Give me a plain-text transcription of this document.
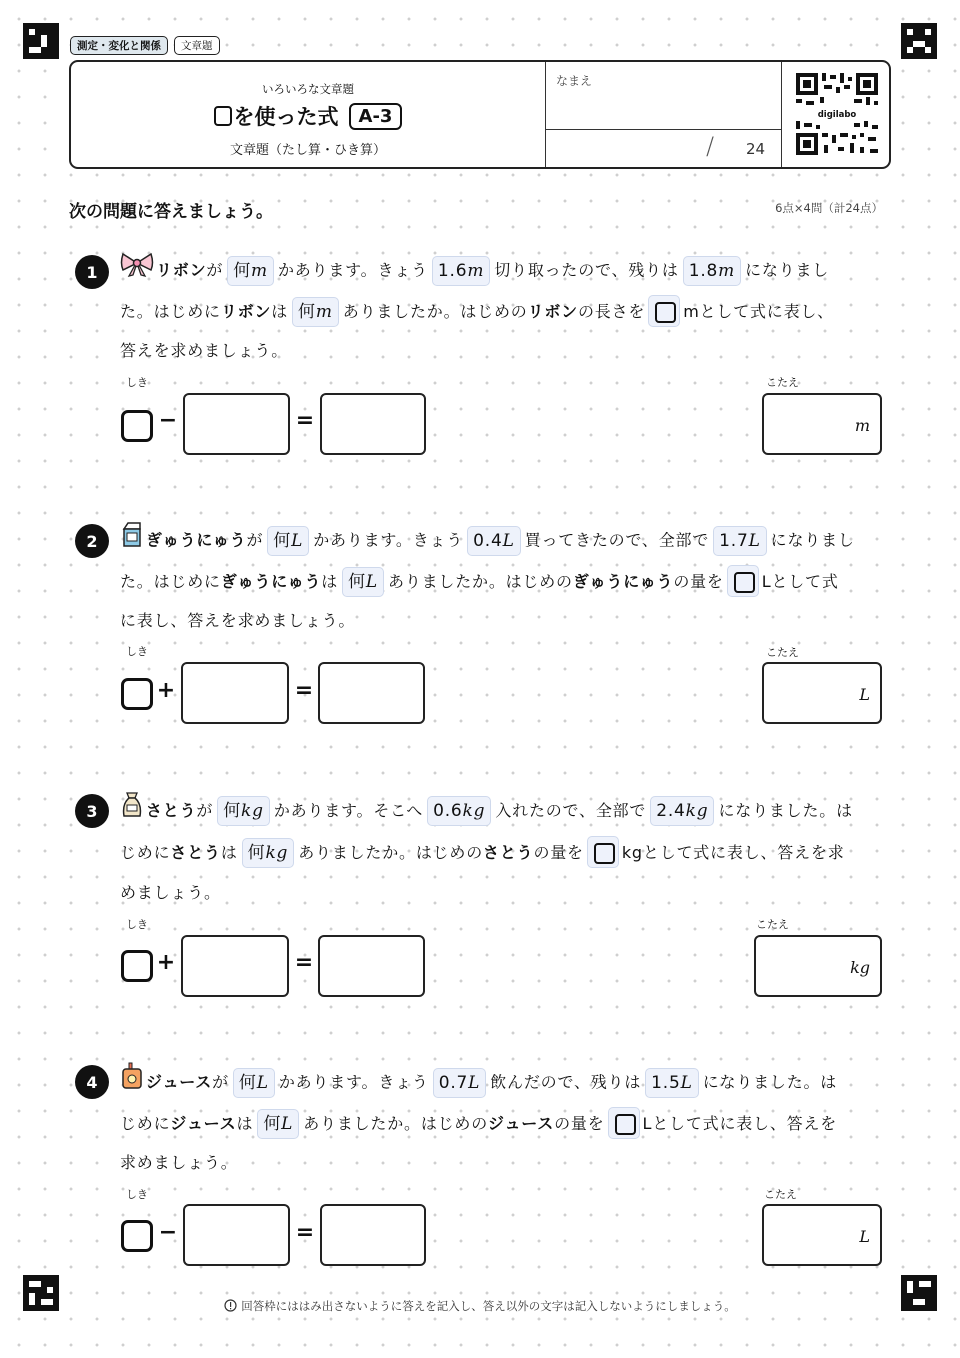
測定・変化と関係	文章題
いろいろな文章題
を使った式	A-3
文章題（たし算・ひき算）
なまえ
/ 24
digilabo
次の問題に答えましょう。	6点×4問（計24点）
1	リボンが 何m かあります。きょう 1.6m 切り取ったので、残りは 1.8m になりまし
た。はじめにリボンは 何m ありましたか。はじめのリボンの長さを mとして式に表し、
答えを求めましょう。
しき	こたえ
−	=	m
2	ぎゅうにゅうが 何L かあります。きょう 0.4L 買ってきたので、全部で 1.7L になりまし
た。はじめにぎゅうにゅうは 何L ありましたか。はじめのぎゅうにゅうの量を Lとして式
に表し、答えを求めましょう。
しき	こたえ
+	=	L
3	さとうが 何kg かあります。そこへ 0.6kg 入れたので、全部で 2.4kg になりました。は
じめにさとうは 何kg ありましたか。はじめのさとうの量を kgとして式に表し、答えを求
めましょう。
しき	こたえ
+	=	kg
4	ジュースが 何L かあります。きょう 0.7L 飲んだので、残りは 1.5L になりました。は
じめにジュースは 何L ありましたか。はじめのジュースの量を Lとして式に表し、答えを
求めましょう。
しき	こたえ
−	=	L
回答枠にははみ出さないように答えを記入し、答え以外の文字は記入しないようにしましょう。
